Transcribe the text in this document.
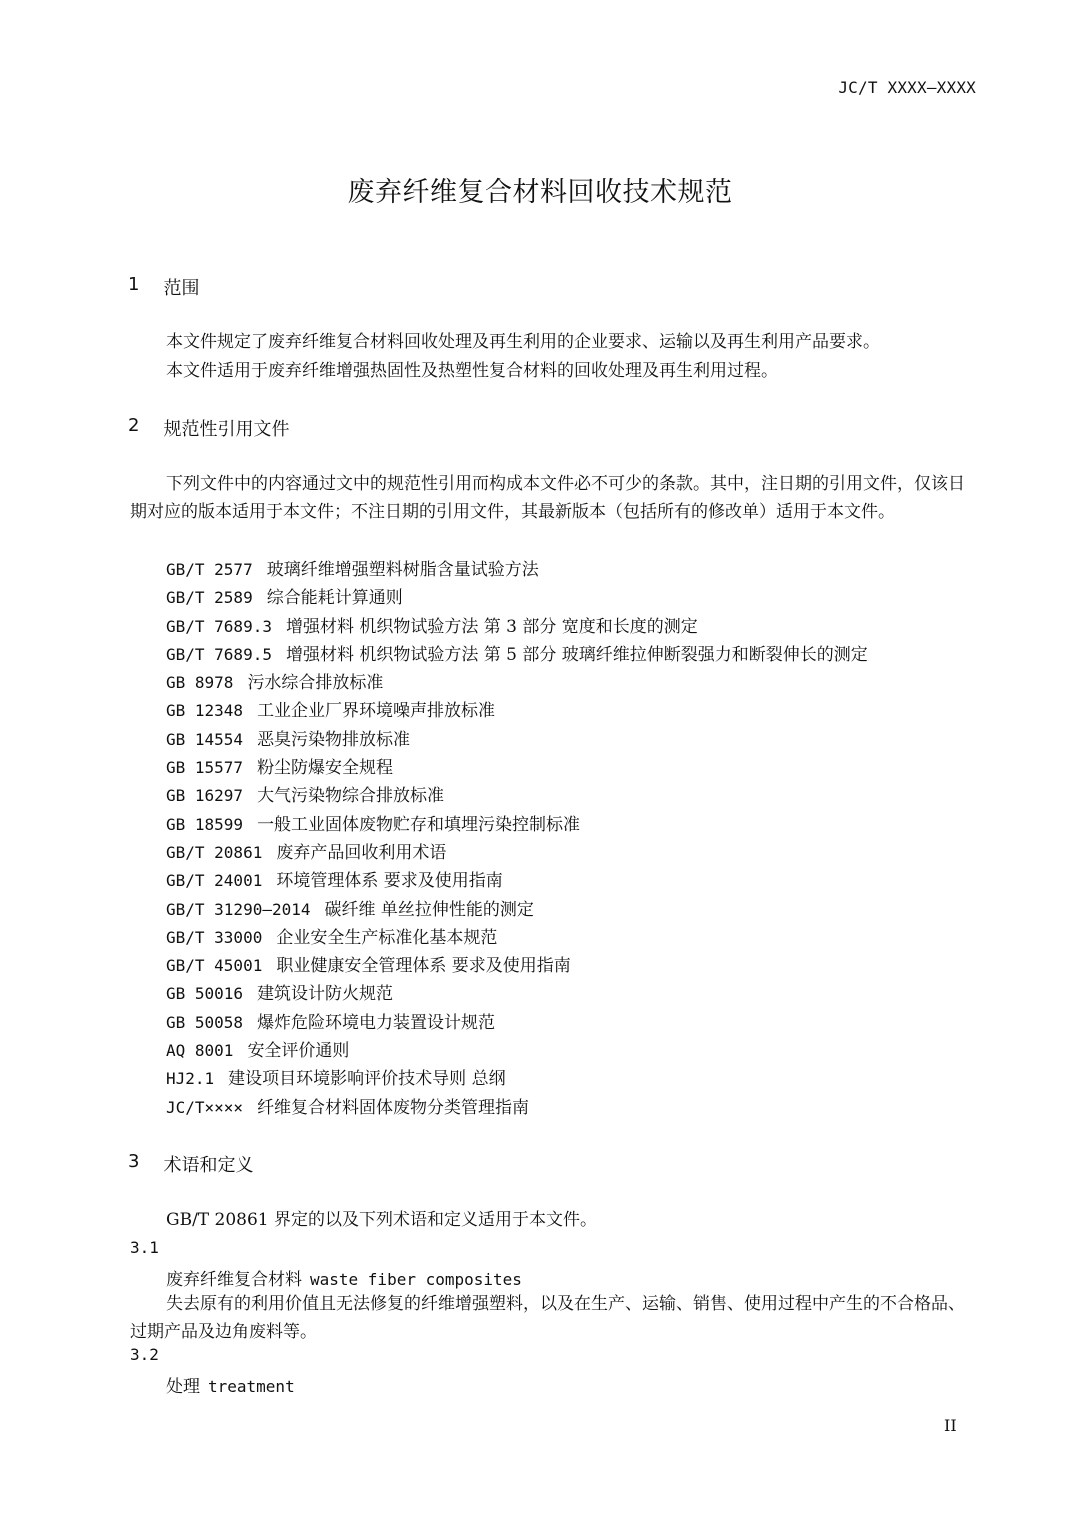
JC/T XXXX—XXXX
废弃纤维复合材料回收技术规范
1 范围

本文件规定了废弃纤维复合材料回收处理及再生利用的企业要求、运输以及再生利用产品要求。

本文件适用于废弃纤维增强热固性及热塑性复合材料的回收处理及再生利用过程。

2 规范性引用文件

下列文件中的内容通过文中的规范性引用而构成本文件必不可少的条款。其中，注日期的引用文件，仅该日期对应的版本适用于本文件；不注日期的引用文件，其最新版本（包括所有的修改单）适用于本文件。

GB/T 2577 玻璃纤维增强塑料树脂含量试验方法
GB/T 2589 综合能耗计算通则
GB/T 7689.3 增强材料 机织物试验方法 第 3 部分 宽度和长度的测定
GB/T 7689.5 增强材料 机织物试验方法 第 5 部分 玻璃纤维拉伸断裂强力和断裂伸长的测定
GB 8978 污水综合排放标准
GB 12348 工业企业厂界环境噪声排放标准
GB 14554 恶臭污染物排放标准
GB 15577 粉尘防爆安全规程
GB 16297 大气污染物综合排放标准
GB 18599 一般工业固体废物贮存和填埋污染控制标准
GB/T 20861 废弃产品回收利用术语
GB/T 24001 环境管理体系 要求及使用指南
GB/T 31290—2014 碳纤维 单丝拉伸性能的测定
GB/T 33000 企业安全生产标准化基本规范
GB/T 45001 职业健康安全管理体系 要求及使用指南
GB 50016 建筑设计防火规范
GB 50058 爆炸危险环境电力装置设计规范
AQ 8001 安全评价通则
HJ2.1 建设项目环境影响评价技术导则 总纲
JC/T×××× 纤维复合材料固体废物分类管理指南
3 术语和定义

GB/T 20861 界定的以及下列术语和定义适用于本文件。

3.1
废弃纤维复合材料 waste fiber composites

失去原有的利用价值且无法修复的纤维增强塑料，以及在生产、运输、销售、使用过程中产生的不合格品、过期产品及边角废料等。

3.2
处理 treatment
II
